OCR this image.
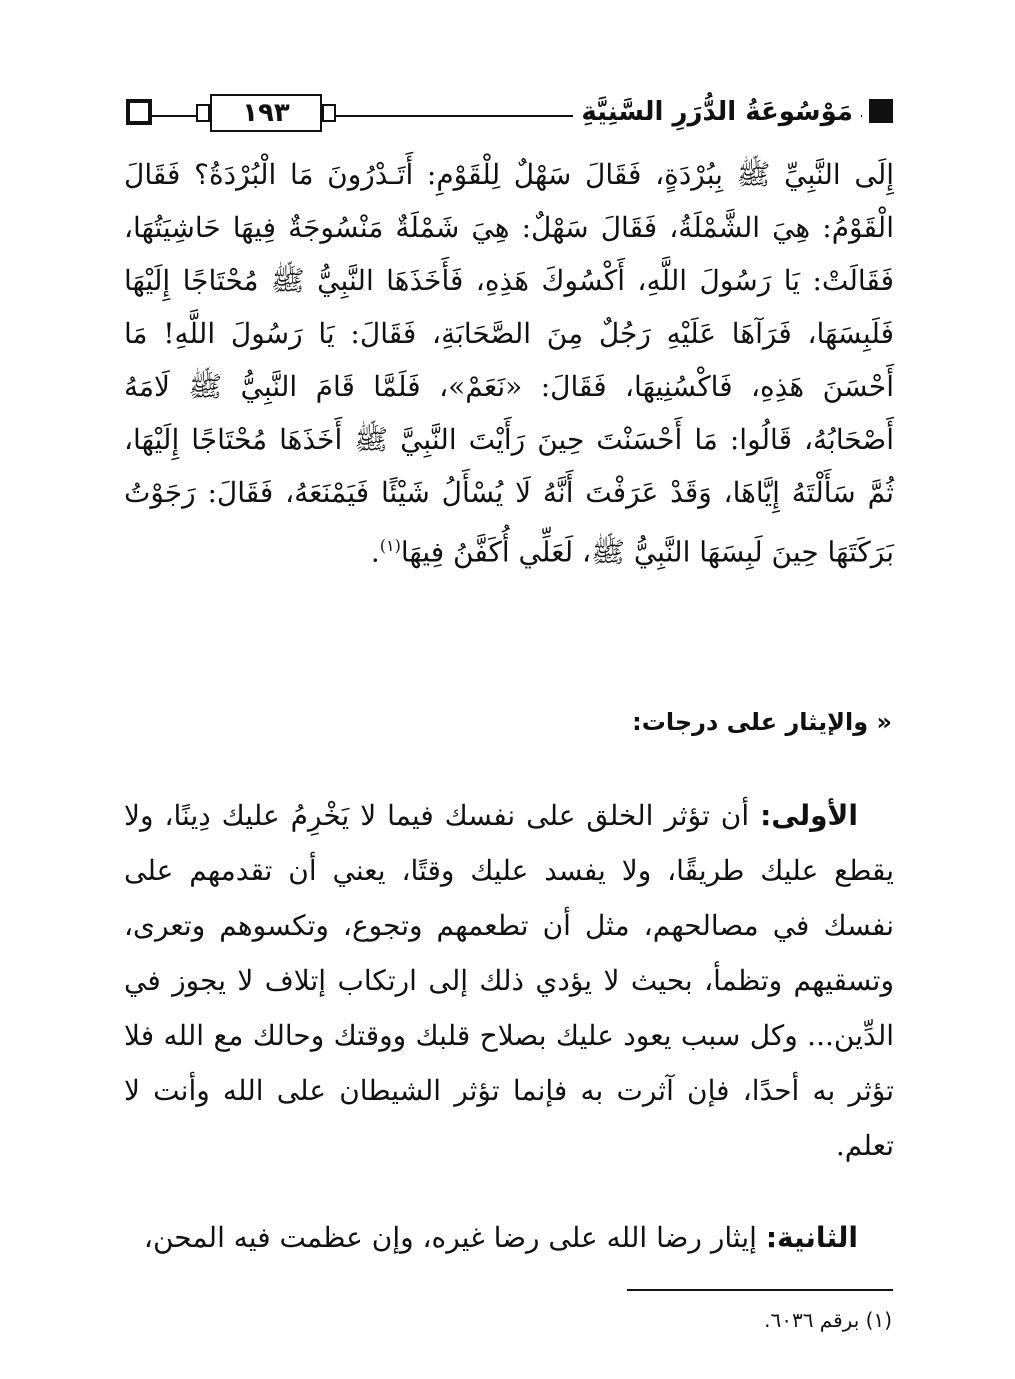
١٩٣	مَوْسُوعَةُ الدُّرَرِ السَّنِيَّةِ

إِلَى النَّبِيِّ ﷺ بِبُرْدَةٍ، فَقَالَ سَهْلٌ لِلْقَوْمِ: أَتَـدْرُونَ مَا الْبُرْدَةُ؟ فَقَالَ الْقَوْمُ: هِيَ الشَّمْلَةُ، فَقَالَ سَهْلٌ: هِيَ شَمْلَةٌ مَنْسُوجَةٌ فِيهَا حَاشِيَتُهَا، فَقَالَتْ: يَا رَسُولَ اللَّهِ، أَكْسُوكَ هَذِهِ، فَأَخَذَهَا النَّبِيُّ ﷺ مُحْتَاجًا إِلَيْهَا فَلَبِسَهَا، فَرَآهَا عَلَيْهِ رَجُلٌ مِنَ الصَّحَابَةِ، فَقَالَ: يَا رَسُولَ اللَّهِ! مَا أَحْسَنَ هَذِهِ، فَاكْسُنِيهَا، فَقَالَ: «نَعَمْ»، فَلَمَّا قَامَ النَّبِيُّ ﷺ لَامَهُ أَصْحَابُهُ، قَالُوا: مَا أَحْسَنْتَ حِينَ رَأَيْتَ النَّبِيَّ ﷺ أَخَذَهَا مُحْتَاجًا إِلَيْهَا، ثُمَّ سَأَلْتَهُ إِيَّاهَا، وَقَدْ عَرَفْتَ أَنَّهُ لَا يُسْأَلُ شَيْئًا فَيَمْنَعَهُ، فَقَالَ: رَجَوْتُ بَرَكَتَهَا حِينَ لَبِسَهَا النَّبِيُّ ﷺ، لَعَلِّي أُكَفَّنُ فِيهَا$^{(١)}$.

« والإيثار على درجات:

الأولى: أن تؤثر الخلق على نفسك فيما لا يَخْرِمُ عليك دِينًا، ولا يقطع عليك طريقًا، ولا يفسد عليك وقتًا، يعني أن تقدمهم على نفسك في مصالحهم، مثل أن تطعمهم وتجوع، وتكسوهم وتعرى، وتسقيهم وتظمأ، بحيث لا يؤدي ذلك إلى ارتكاب إتلاف لا يجوز في الدِّين... وكل سبب يعود عليك بصلاح قلبك ووقتك وحالك مع الله فلا تؤثر به أحدًا، فإن آثرت به فإنما تؤثر الشيطان على الله وأنت لا تعلم.

الثانية: إيثار رضا الله على رضا غيره، وإن عظمت فيه المحن،

(١) برقم ٦٠٣٦.
